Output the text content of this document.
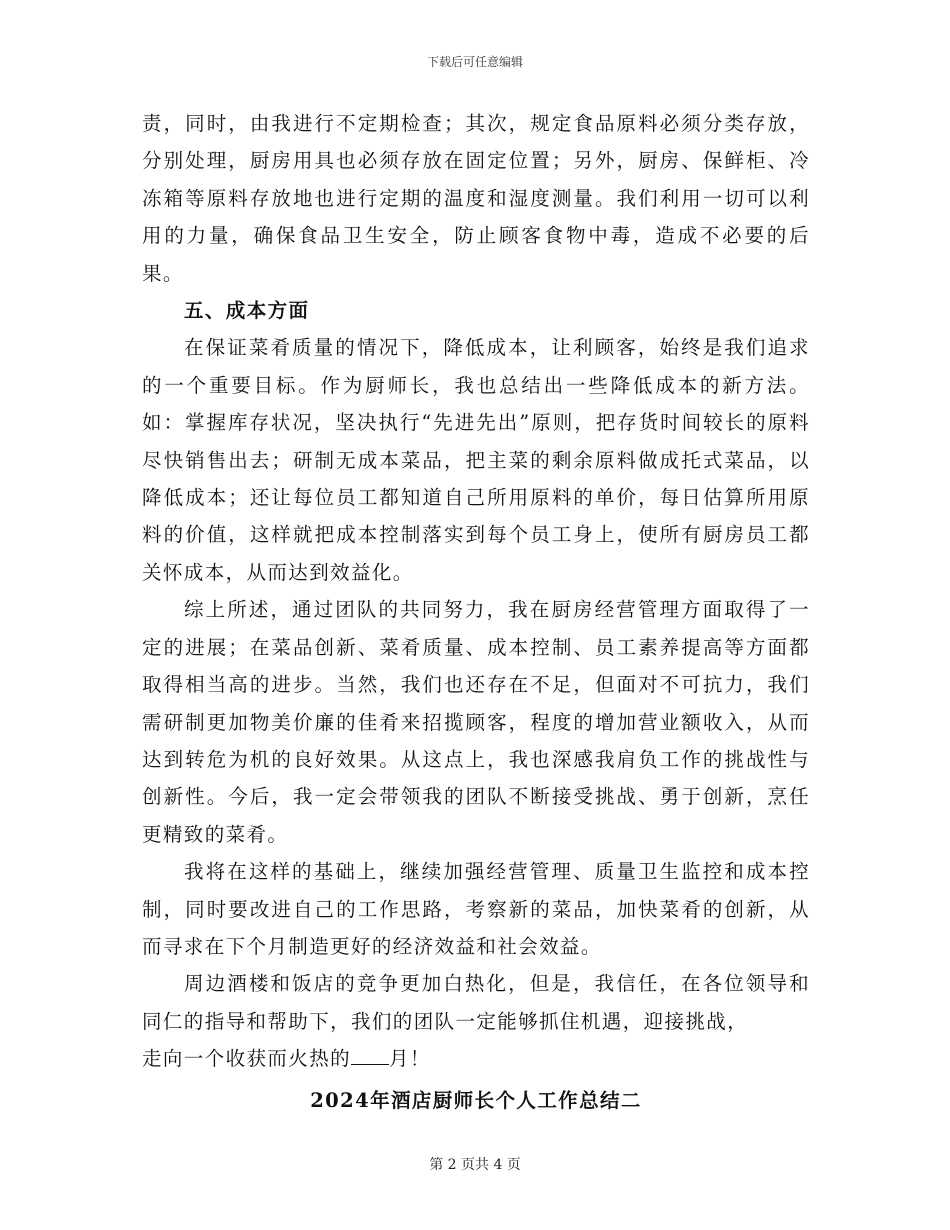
下载后可任意编辑

责，同时，由我进行不定期检查；其次，规定食品原料必须分类存放，分别处理，厨房用具也必须存放在固定位置；另外，厨房、保鲜柜、冷冻箱等原料存放地也进行定期的温度和湿度测量。我们利用一切可以利用的力量，确保食品卫生安全，防止顾客食物中毒，造成不必要的后果。

五、成本方面

在保证菜肴质量的情况下，降低成本，让利顾客，始终是我们追求的一个重要目标。作为厨师长，我也总结出一些降低成本的新方法。如：掌握库存状况，坚决执行“先进先出”原则，把存货时间较长的原料尽快销售出去；研制无成本菜品，把主菜的剩余原料做成托式菜品，以降低成本；还让每位员工都知道自己所用原料的单价，每日估算所用原料的价值，这样就把成本控制落实到每个员工身上，使所有厨房员工都关怀成本，从而达到效益化。

综上所述，通过团队的共同努力，我在厨房经营管理方面取得了一定的进展；在菜品创新、菜肴质量、成本控制、员工素养提高等方面都取得相当高的进步。当然，我们也还存在不足，但面对不可抗力，我们需研制更加物美价廉的佳肴来招揽顾客，程度的增加营业额收入，从而达到转危为机的良好效果。从这点上，我也深感我肩负工作的挑战性与创新性。今后，我一定会带领我的团队不断接受挑战、勇于创新，烹任更精致的菜肴。

我将在这样的基础上，继续加强经营管理、质量卫生监控和成本控制，同时要改进自己的工作思路，考察新的菜品，加快菜肴的创新，从而寻求在下个月制造更好的经济效益和社会效益。

周边酒楼和饭店的竞争更加白热化，但是，我信任，在各位领导和同仁的指导和帮助下，我们的团队一定能够抓住机遇，迎接挑战，
走向一个收获而火热的 月！

2024年酒店厨师长个人工作总结二

第 2 页共 4 页
